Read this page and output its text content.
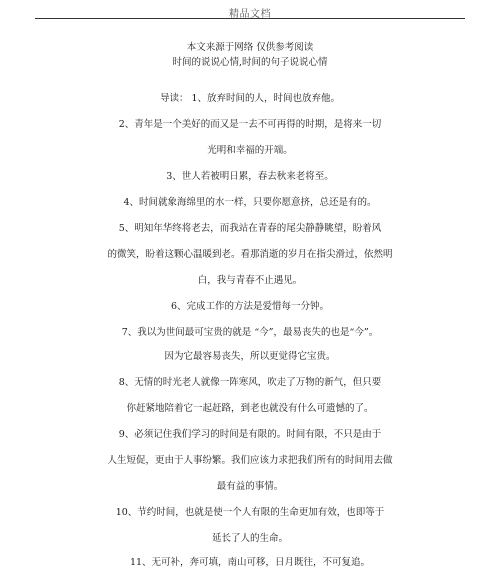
精品文档
本文来源于网络 仅供参考阅读
时间的说说心情,时间的句子说说心情
导读： 1、放弃时间的人，时间也放弃他。
2、青年是一个美好的而又是一去不可再得的时期，是将来一切
光明和幸福的开端。
3、世人若被明日累，春去秋来老将至。
4、时间就象海绵里的水一样，只要你愿意挤，总还是有的。
5、明知年华终将老去，而我站在青春的尾尖静静眺望，盼着风
的微笑，盼着这颗心温暖到老。看那消逝的岁月在指尖滑过，依然明
白，我与青春不止遇见。
6、完成工作的方法是爱惜每一分钟。
7、我以为世间最可宝贵的就是 “今”，最易丧失的也是“今”。
因为它最容易丧失，所以更觉得它宝贵。
8、无情的时光老人就像一阵寒风，吹走了万物的新气，但只要
你赶紧地陪着它一起赶路，到老也就没有什么可遗憾的了。
9、必须记住我们学习的时间是有限的。时间有限，不只是由于
人生短促，更由于人事纷繁。我们应该力求把我们所有的时间用去做
最有益的事情。
10、节约时间，也就是使一个人有限的生命更加有效，也即等于
延长了人的生命。
11、无可补，奔可填，南山可移，日月既往，不可复追。
